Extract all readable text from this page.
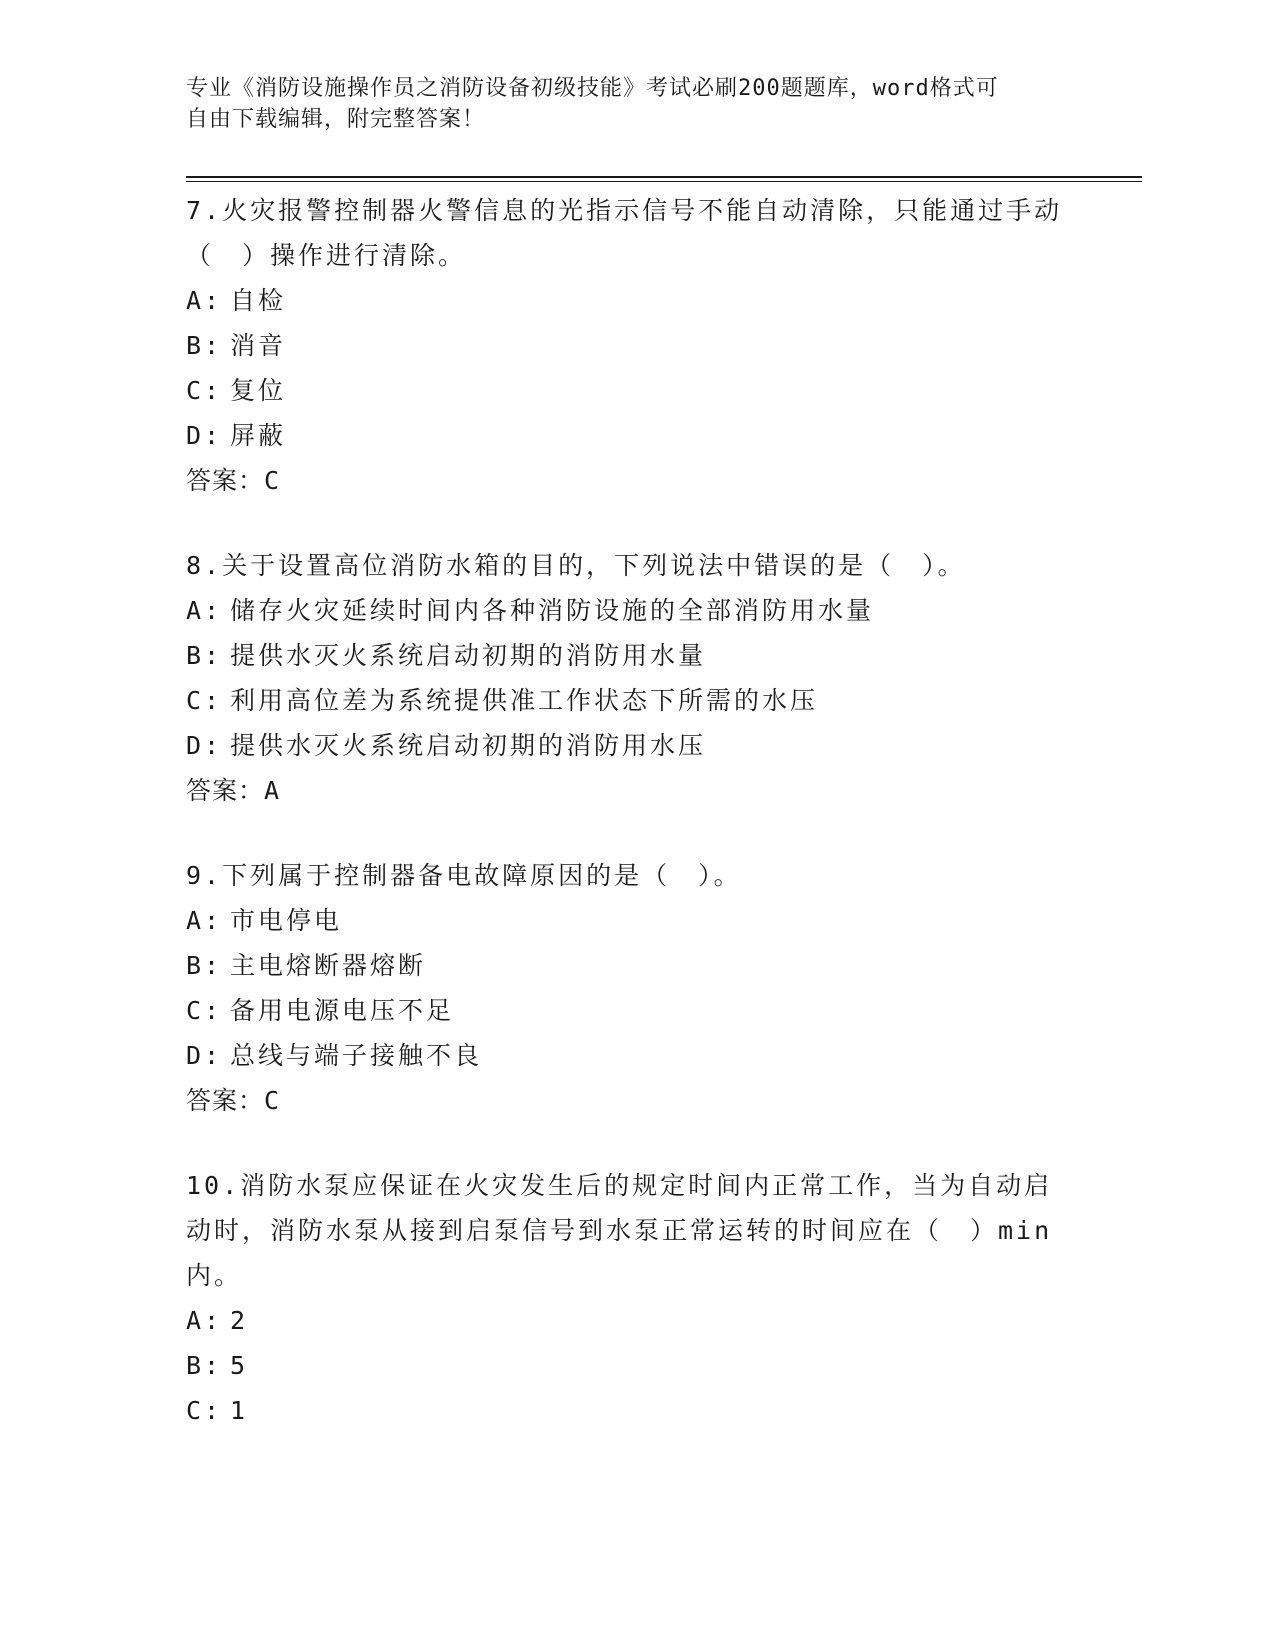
专业《消防设施操作员之消防设备初级技能》考试必刷200题题库，word格式可
自由下载编辑，附完整答案！
7.火灾报警控制器火警信息的光指示信号不能自动清除，只能通过手动（　）操作进行清除。
A: 自检
B: 消音
C: 复位
D: 屏蔽
答案：C
8.关于设置高位消防水箱的目的，下列说法中错误的是（　）。
A: 储存火灾延续时间内各种消防设施的全部消防用水量
B: 提供水灭火系统启动初期的消防用水量
C: 利用高位差为系统提供准工作状态下所需的水压
D: 提供水灭火系统启动初期的消防用水压
答案：A
9.下列属于控制器备电故障原因的是（　）。
A: 市电停电
B: 主电熔断器熔断
C: 备用电源电压不足
D: 总线与端子接触不良
答案：C
10.消防水泵应保证在火灾发生后的规定时间内正常工作，当为自动启动时，消防水泵从接到启泵信号到水泵正常运转的时间应在（　）min内。
A: 2
B: 5
C: 1
